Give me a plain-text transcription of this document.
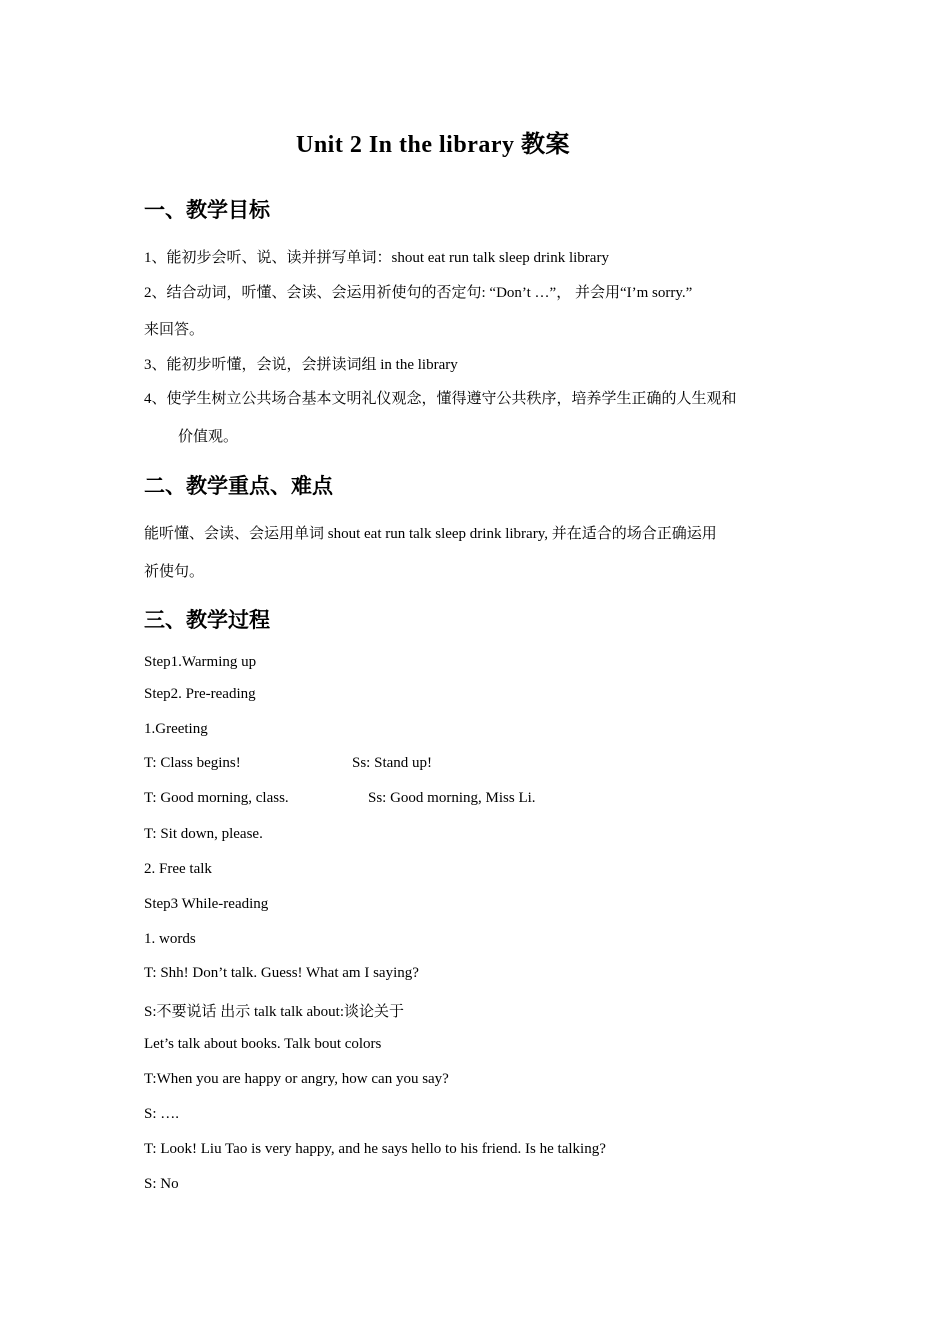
Unit 2 In the library 教案
一、教学目标
1、能初步会听、说、读并拼写单词：shout eat run talk sleep drink library
2、结合动词，听懂、会读、会运用祈使句的否定句: “Don’t …”， 并会用“I’m sorry.”
来回答。
3、能初步听懂，会说，会拼读词组 in the library
4、使学生树立公共场合基本文明礼仪观念，懂得遵守公共秩序，培养学生正确的人生观和
价值观。
二、教学重点、难点
能听懂、会读、会运用单词 shout eat run talk sleep drink library, 并在适合的场合正确运用
祈使句。
三、教学过程
Step1.Warming up
Step2. Pre-reading
1.Greeting
T: Class begins!	Ss: Stand up!
T: Good morning, class.	Ss: Good morning, Miss Li.
T: Sit down, please.
2. Free talk
Step3 While-reading
1. words
T: Shh! Don’t talk. Guess! What am I saying?
S:不要说话 出示 talk talk about:谈论关于
Let’s talk about books. Talk bout colors
T:When you are happy or angry, how can you say?
S: ….
T: Look! Liu Tao is very happy, and he says hello to his friend. Is he talking?
S: No
